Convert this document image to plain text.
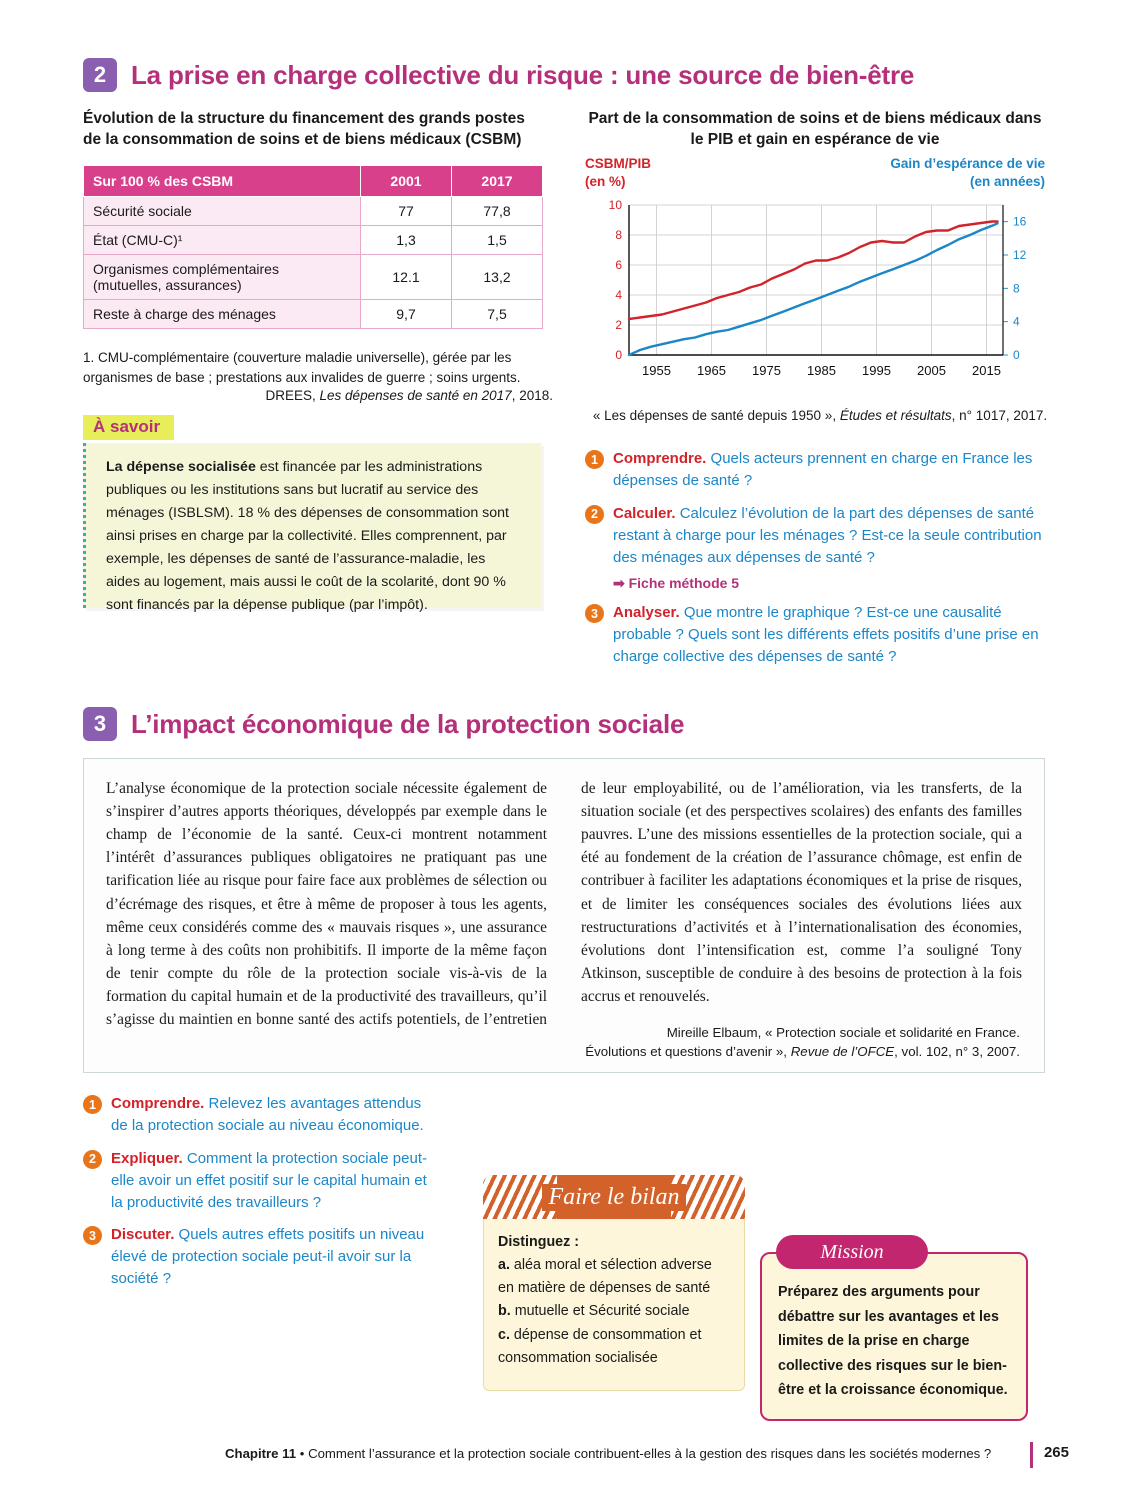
2 La prise en charge collective du risque : une source de bien-être
Évolution de la structure du financement des grands postes de la consommation de soins et de biens médicaux (CSBM)
Sur 100 % des CSBM	2001	2017
Sécurité sociale	77	77,8
État (CMU-C)¹	1,3	1,5
Organismes complémentaires (mutuelles, assurances)	12.1	13,2
Reste à charge des ménages	9,7	7,5
1. CMU-complémentaire (couverture maladie universelle), gérée par les organismes de base ; prestations aux invalides de guerre ; soins urgents.
DREES, Les dépenses de santé en 2017, 2018.
À savoir
La dépense socialisée est financée par les administrations publiques ou les institutions sans but lucratif au service des ménages (ISBLSM). 18 % des dépenses de consommation sont ainsi prises en charge par la collectivité. Elles comprennent, par exemple, les dépenses de santé de l’assurance-maladie, les aides au logement, mais aussi le coût de la scolarité, dont 90 % sont financés par la dépense publique (par l’impôt).
Part de la consommation de soins et de biens médicaux dans le PIB et gain en espérance de vie
CSBM/PIB
(en %)
Gain d’espérance de vie
(en années)
0
2
4
6
8
10
0
4
8
12
16
1955 1965 1975 1985 1995 2005 2015
« Les dépenses de santé depuis 1950 », Études et résultats, n° 1017, 2017.
1	Comprendre. Quels acteurs prennent en charge en France les dépenses de santé ?
2	Calculer. Calculez l’évolution de la part des dépenses de santé restant à charge pour les ménages ? Est-ce la seule contribution des ménages aux dépenses de santé ?
➡ Fiche méthode 5
3	Analyser. Que montre le graphique ? Est-ce une causalité probable ? Quels sont les différents effets positifs d’une prise en charge collective des dépenses de santé ?
3 L’impact économique de la protection sociale
L’analyse économique de la protection sociale nécessite également de s’inspirer d’autres apports théoriques, développés par exemple dans le champ de l’économie de la santé. Ceux-ci montrent notamment l’intérêt d’assurances publiques obligatoires ne pratiquant pas une tarification liée au risque pour faire face aux problèmes de sélection ou d’écrémage des risques, et être à même de proposer à tous les agents, même ceux considérés comme des « mauvais risques », une assurance à long terme à des coûts non prohibitifs. Il importe de la même façon de tenir compte du rôle de la protection sociale vis-à-vis de la formation du capital humain et de la productivité des travailleurs, qu’il s’agisse du maintien en bonne santé des actifs potentiels, de l’entretien de leur employabilité, ou de l’amélioration, via les transferts, de la situation sociale (et des perspectives scolaires) des enfants des familles pauvres. L’une des missions essentielles de la protection sociale, qui a été au fondement de la création de l’assurance chômage, est enfin de contribuer à faciliter les adaptations économiques et la prise de risques, et de limiter les conséquences sociales des évolutions liées aux restructurations d’activités et à l’internationalisation des économies, évolutions dont l’intensification est, comme l’a souligné Tony Atkinson, susceptible de conduire à des besoins de protection à la fois accrus et renouvelés.
Mireille Elbaum, « Protection sociale et solidarité en France.
Évolutions et questions d’avenir », Revue de l’OFCE, vol. 102, n° 3, 2007.
1	Comprendre. Relevez les avantages attendus de la protection sociale au niveau économique.
2	Expliquer. Comment la protection sociale peut-elle avoir un effet positif sur le capital humain et la productivité des travailleurs ?
3	Discuter. Quels autres effets positifs un niveau élevé de protection sociale peut-il avoir sur la société ?
Faire le bilan
Distinguez :
a. aléa moral et sélection adverse en matière de dépenses de santé
b. mutuelle et Sécurité sociale
c. dépense de consommation et consommation socialisée
Mission
Préparez des arguments pour débattre sur les avantages et les limites de la prise en charge collective des risques sur le bien-être et la croissance économique.
Chapitre 11 • Comment l’assurance et la protection sociale contribuent-elles à la gestion des risques dans les sociétés modernes ?	265
